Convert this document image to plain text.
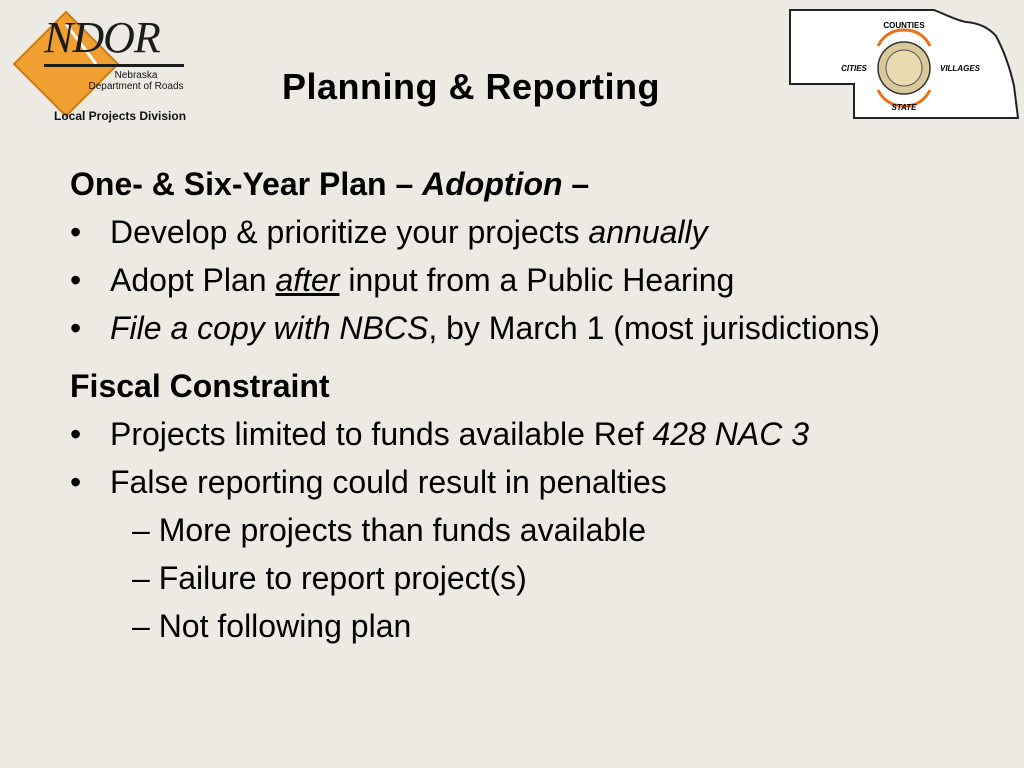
NDOR
Nebraska
Department of Roads
Local Projects Division
Planning & Reporting
COUNTIES
CITIES	VILLAGES
STATE
One- & Six-Year Plan – Adoption –
• Develop & prioritize your projects annually
• Adopt Plan after input from a Public Hearing
• File a copy with NBCS, by March 1 (most jurisdictions)
Fiscal Constraint
• Projects limited to funds available Ref 428 NAC 3
• False reporting could result in penalties
– More projects than funds available
– Failure to report project(s)
– Not following plan
